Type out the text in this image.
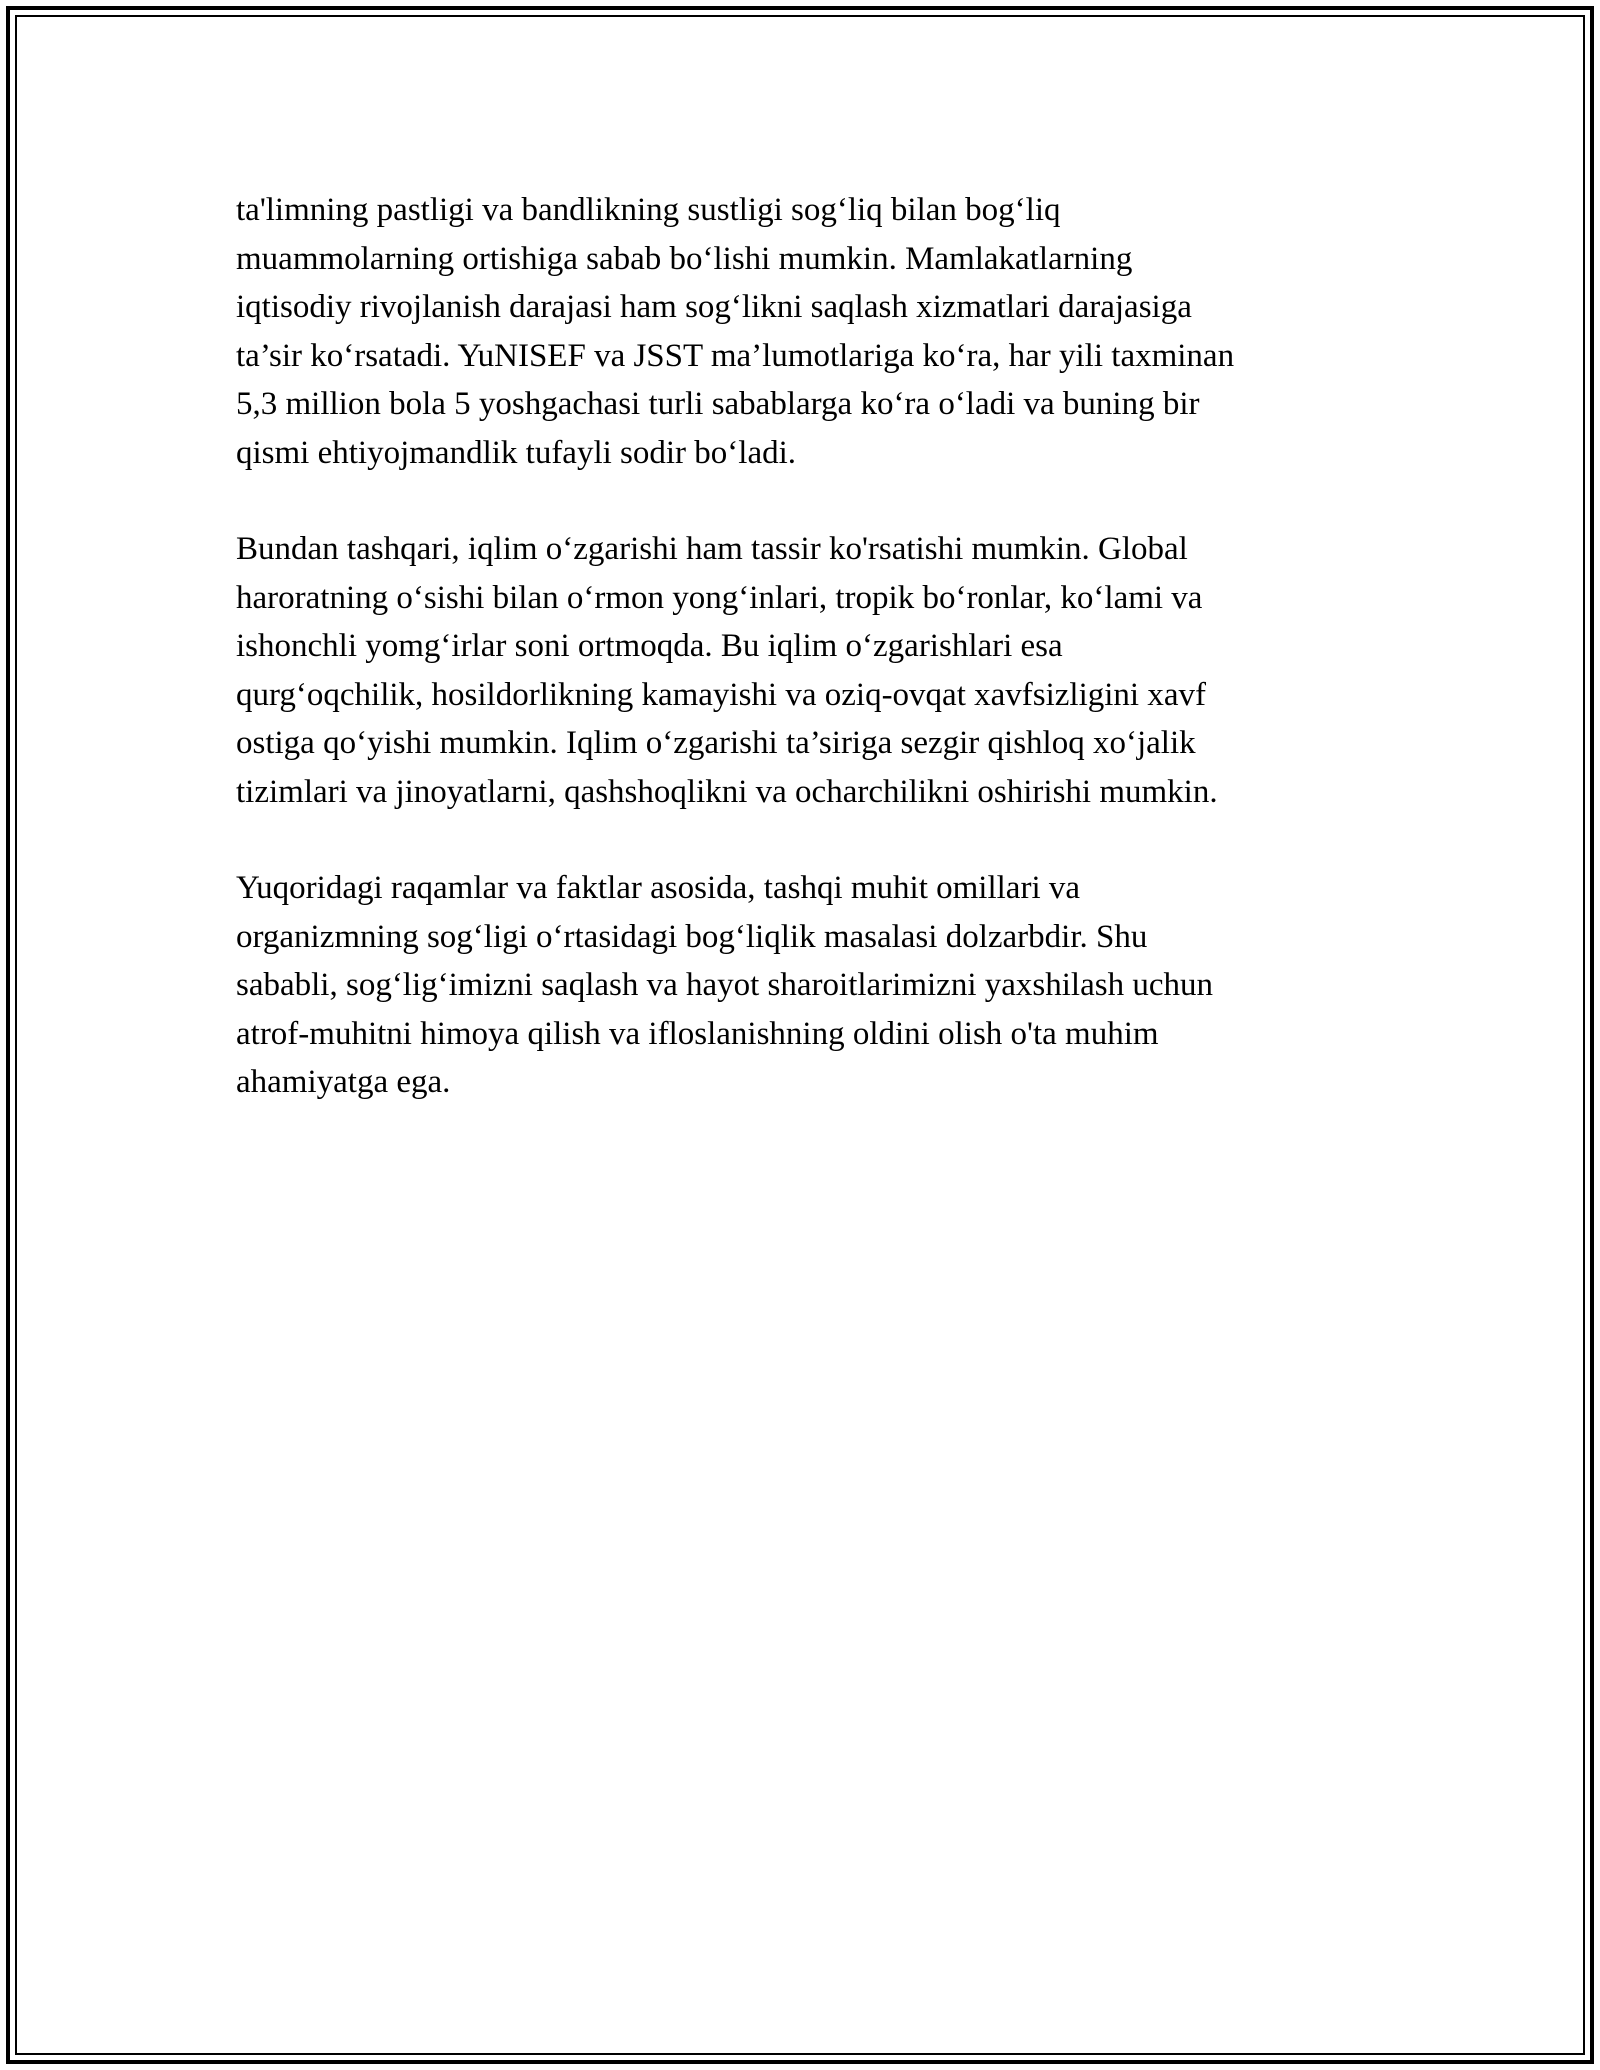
ta'limning pastligi va bandlikning sustligi sog‘liq bilan bog‘liq
muammolarning ortishiga sabab bo‘lishi mumkin. Mamlakatlarning
iqtisodiy rivojlanish darajasi ham sog‘likni saqlash xizmatlari darajasiga
ta’sir ko‘rsatadi. YuNISEF va JSST ma’lumotlariga ko‘ra, har yili taxminan
5,3 million bola 5 yoshgachasi turli sabablarga ko‘ra o‘ladi va buning bir
qismi ehtiyojmandlik tufayli sodir bo‘ladi.

Bundan tashqari, iqlim o‘zgarishi ham tassir ko'rsatishi mumkin. Global
haroratning o‘sishi bilan o‘rmon yong‘inlari, tropik bo‘ronlar, ko‘lami va
ishonchli yomg‘irlar soni ortmoqda. Bu iqlim o‘zgarishlari esa
qurg‘oqchilik, hosildorlikning kamayishi va oziq-ovqat xavfsizligini xavf
ostiga qo‘yishi mumkin. Iqlim o‘zgarishi ta’siriga sezgir qishloq xo‘jalik
tizimlari va jinoyatlarni, qashshoqlikni va ocharchilikni oshirishi mumkin.

Yuqoridagi raqamlar va faktlar asosida, tashqi muhit omillari va
organizmning sog‘ligi o‘rtasidagi bog‘liqlik masalasi dolzarbdir. Shu
sababli, sog‘lig‘imizni saqlash va hayot sharoitlarimizni yaxshilash uchun
atrof-muhitni himoya qilish va ifloslanishning oldini olish o'ta muhim
ahamiyatga ega.
